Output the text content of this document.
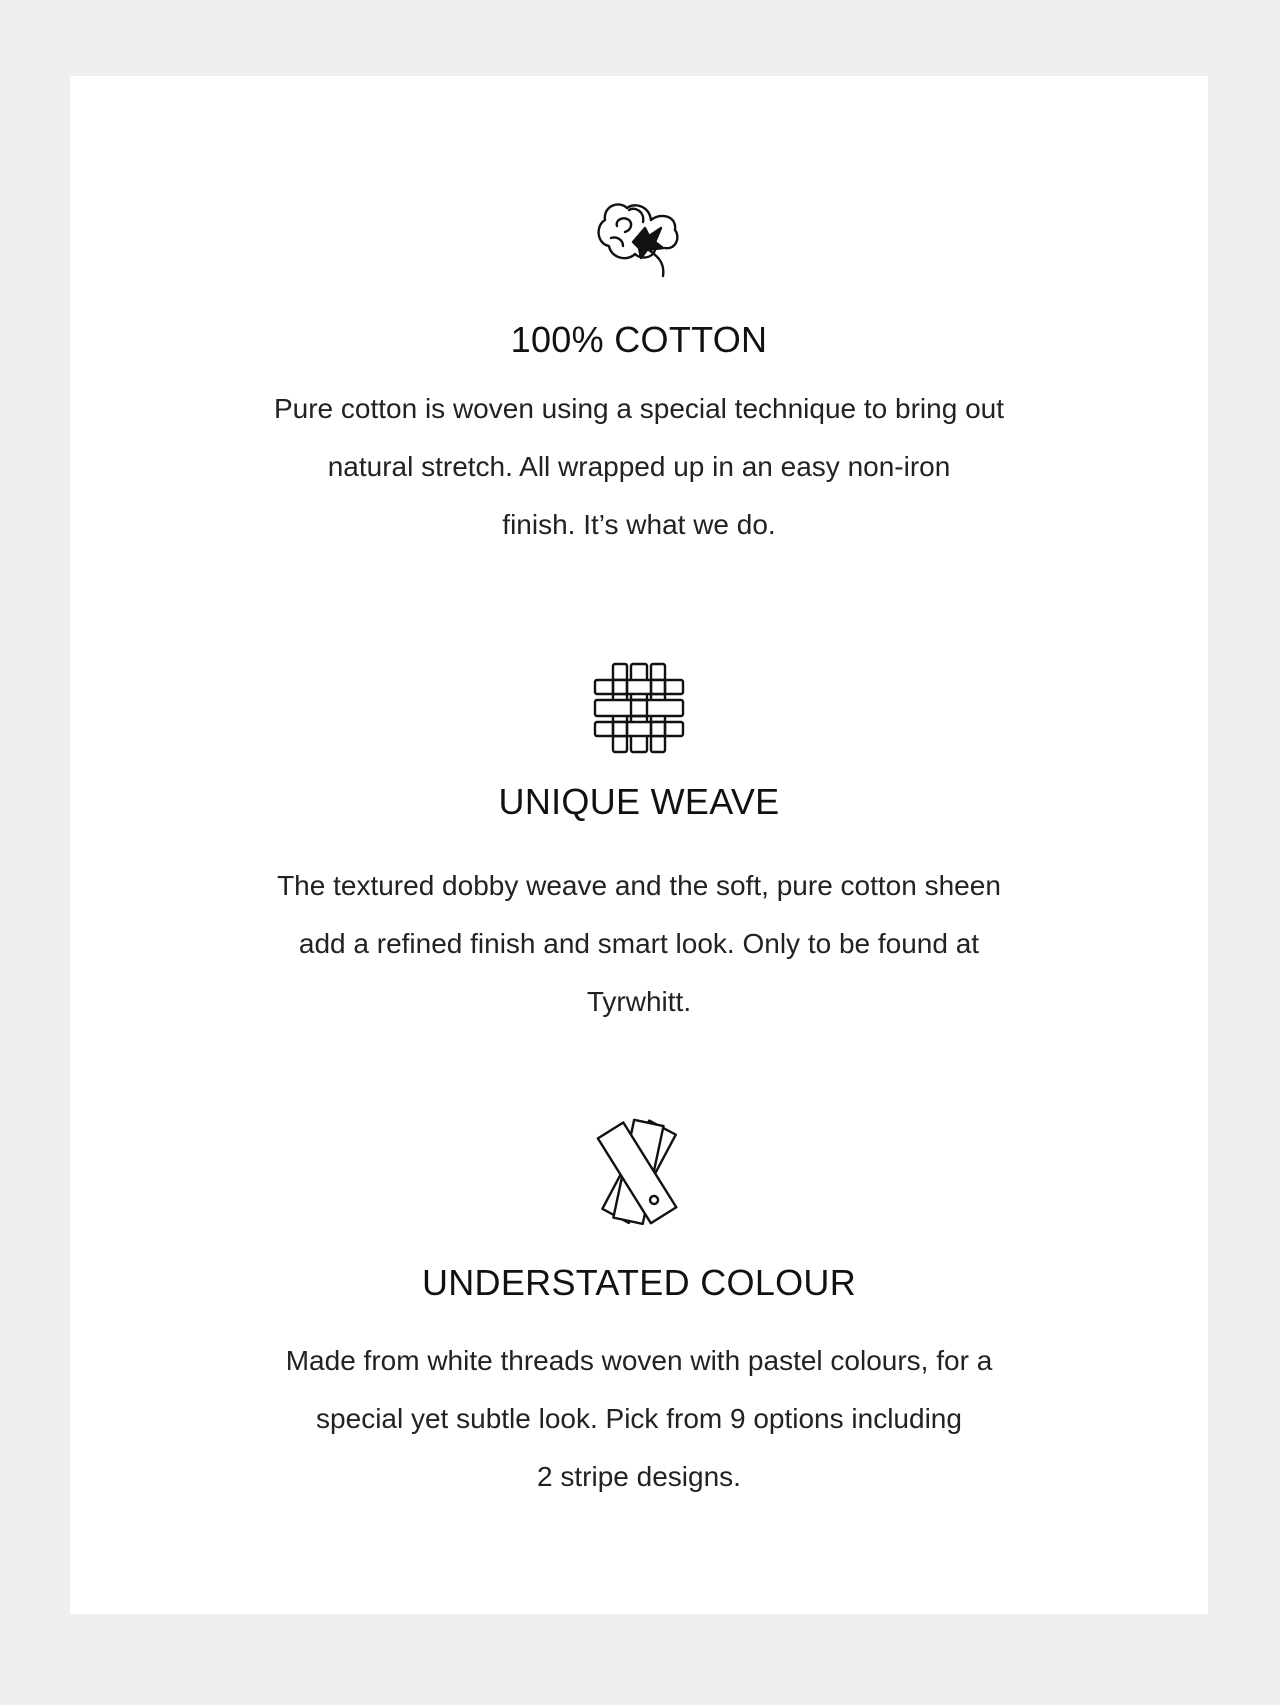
100% COTTON

Pure cotton is woven using a special technique to bring out
natural stretch. All wrapped up in an easy non-iron
finish. It’s what we do.

UNIQUE WEAVE

The textured dobby weave and the soft, pure cotton sheen
add a refined finish and smart look. Only to be found at
Tyrwhitt.

UNDERSTATED COLOUR

Made from white threads woven with pastel colours, for a
special yet subtle look. Pick from 9 options including
2 stripe designs.
